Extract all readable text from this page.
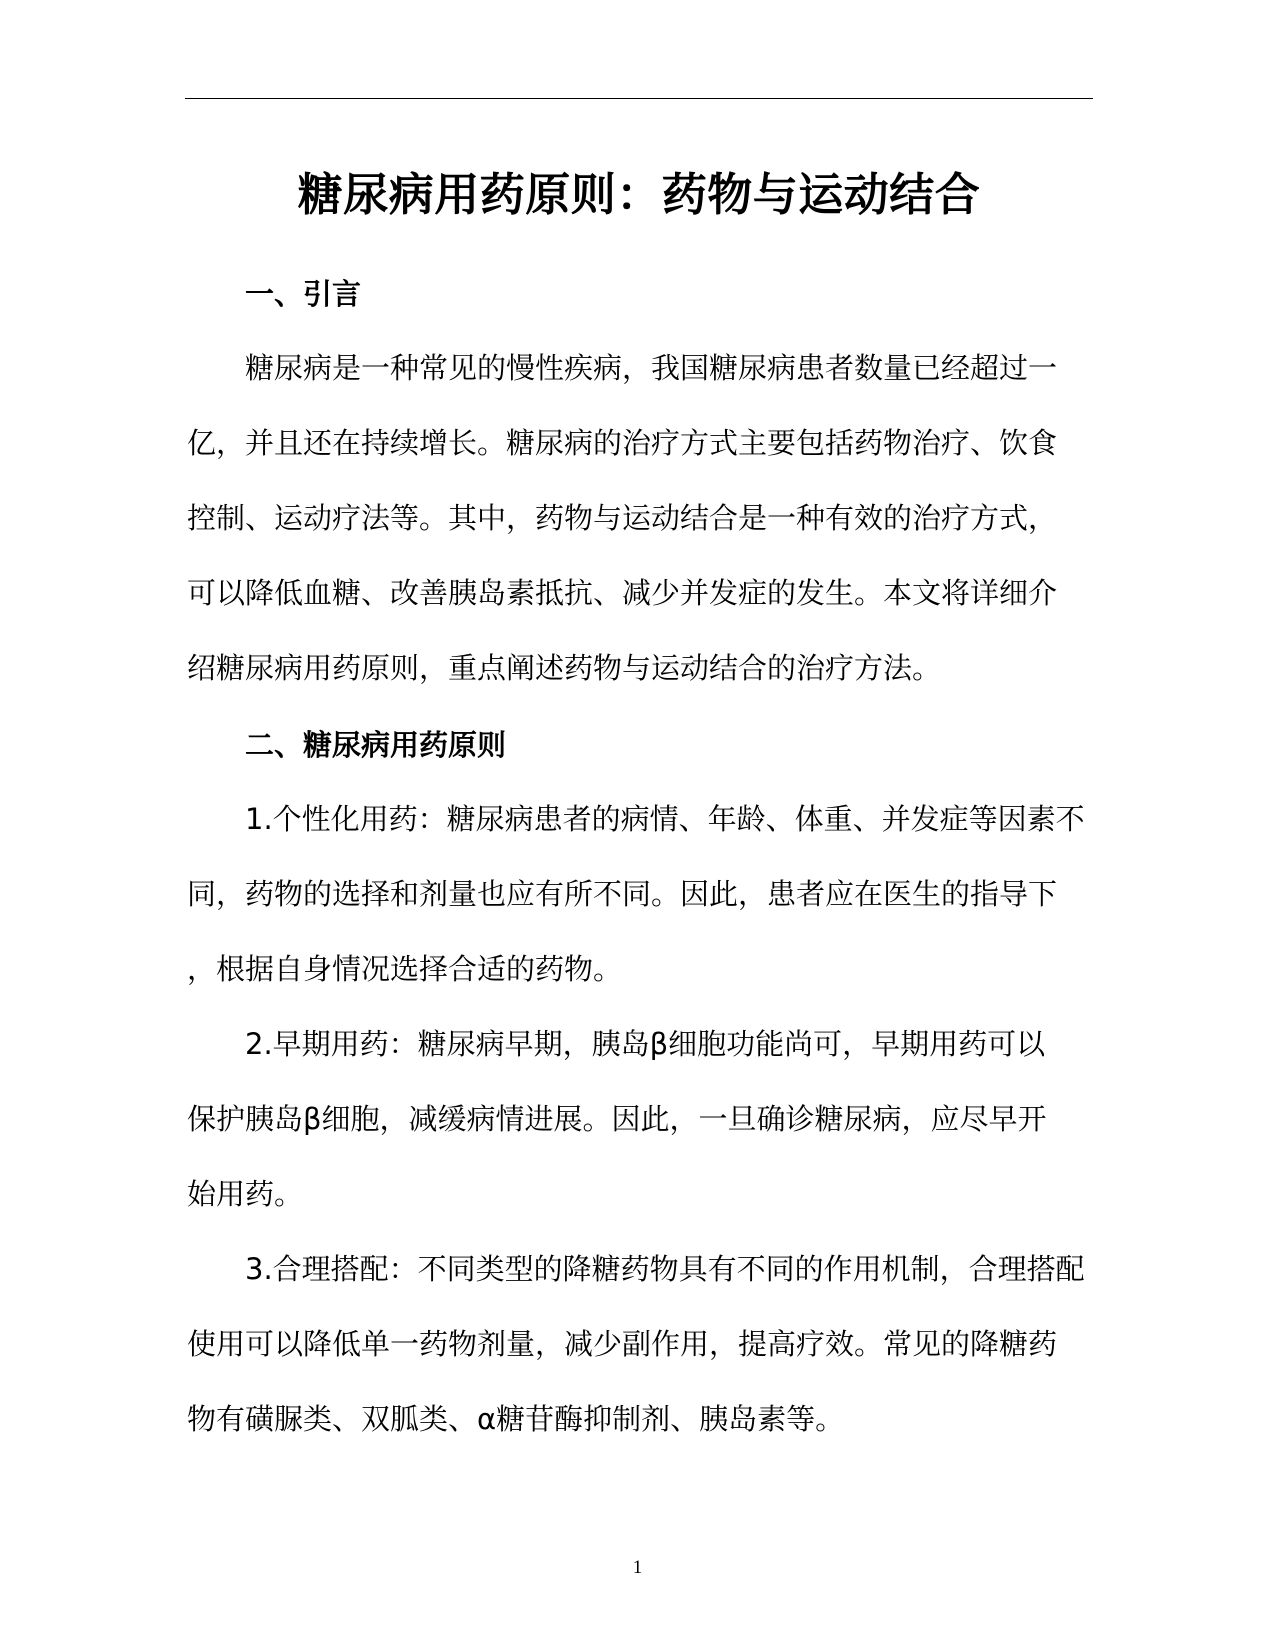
糖尿病用药原则：药物与运动结合
一、引言
糖尿病是一种常见的慢性疾病，我国糖尿病患者数量已经超过一
亿，并且还在持续增长。糖尿病的治疗方式主要包括药物治疗、饮食
控制、运动疗法等。其中，药物与运动结合是一种有效的治疗方式，
可以降低血糖、改善胰岛素抵抗、减少并发症的发生。本文将详细介
绍糖尿病用药原则，重点阐述药物与运动结合的治疗方法。
二、糖尿病用药原则
1.个性化用药：糖尿病患者的病情、年龄、体重、并发症等因素不
同，药物的选择和剂量也应有所不同。因此，患者应在医生的指导下
，根据自身情况选择合适的药物。
2.早期用药：糖尿病早期，胰岛β细胞功能尚可，早期用药可以
保护胰岛β细胞，减缓病情进展。因此，一旦确诊糖尿病，应尽早开
始用药。
3.合理搭配：不同类型的降糖药物具有不同的作用机制，合理搭配
使用可以降低单一药物剂量，减少副作用，提高疗效。常见的降糖药
物有磺脲类、双胍类、α糖苷酶抑制剂、胰岛素等。
1
